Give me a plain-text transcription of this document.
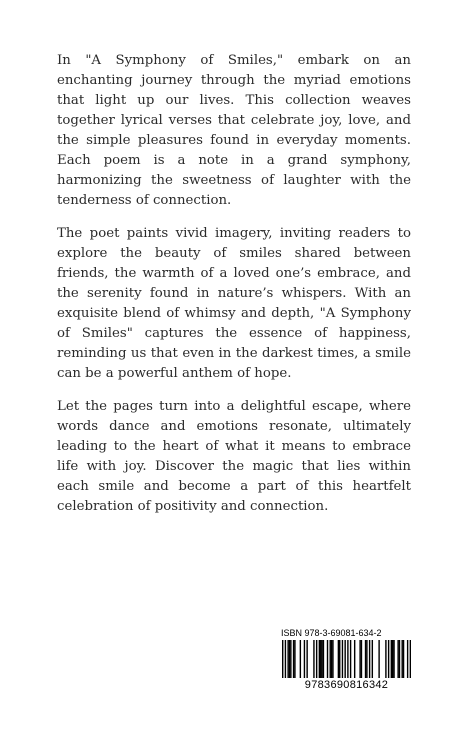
In "A Symphony of Smiles," embark on an enchanting journey through the myriad emotions that light up our lives. This collection weaves together lyrical verses that celebrate joy, love, and the simple pleasures found in everyday moments. Each poem is a note in a grand symphony, harmonizing the sweetness of laughter with the tenderness of connection.

The poet paints vivid imagery, inviting readers to explore the beauty of smiles shared between friends, the warmth of a loved one’s embrace, and the serenity found in nature’s whispers. With an exquisite blend of whimsy and depth, "A Symphony of Smiles" captures the essence of happiness, reminding us that even in the darkest times, a smile can be a powerful anthem of hope.

Let the pages turn into a delightful escape, where words dance and emotions resonate, ultimately leading to the heart of what it means to embrace life with joy. Discover the magic that lies within each smile and become a part of this heartfelt celebration of positivity and connection.

ISBN 978-3-69081-634-2
9783690816342
